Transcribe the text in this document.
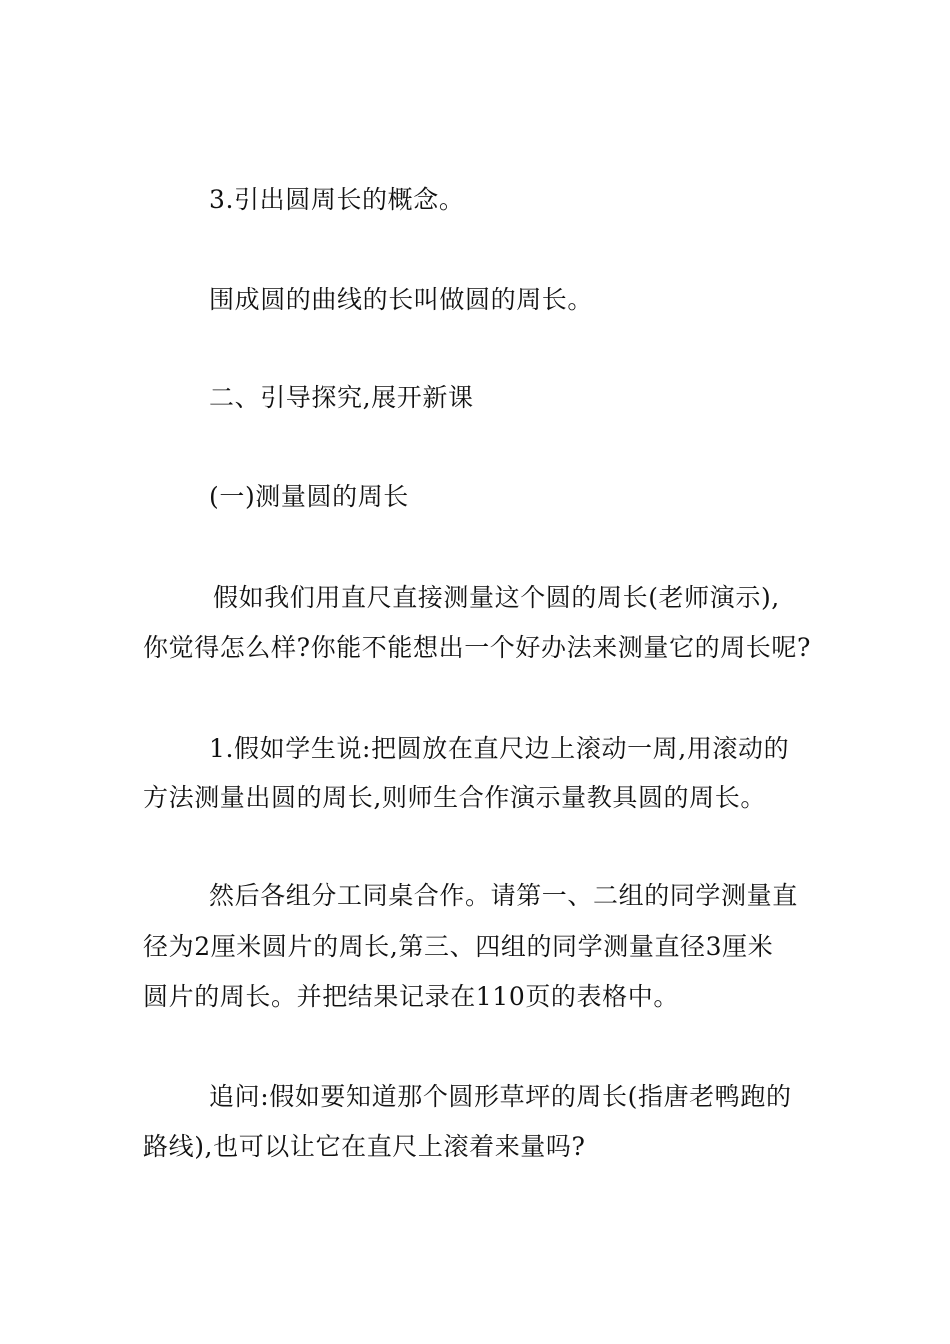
3.引出圆周长的概念。
围成圆的曲线的长叫做圆的周长。
二、引导探究,展开新课
(一)测量圆的周长
假如我们用直尺直接测量这个圆的周长(老师演示),
你觉得怎么样?你能不能想出一个好办法来测量它的周长呢?
1.假如学生说:把圆放在直尺边上滚动一周,用滚动的
方法测量出圆的周长,则师生合作演示量教具圆的周长。
然后各组分工同桌合作。请第一、二组的同学测量直
径为2厘米圆片的周长,第三、四组的同学测量直径3厘米
圆片的周长。并把结果记录在110页的表格中。
追问:假如要知道那个圆形草坪的周长(指唐老鸭跑的
路线),也可以让它在直尺上滚着来量吗?
